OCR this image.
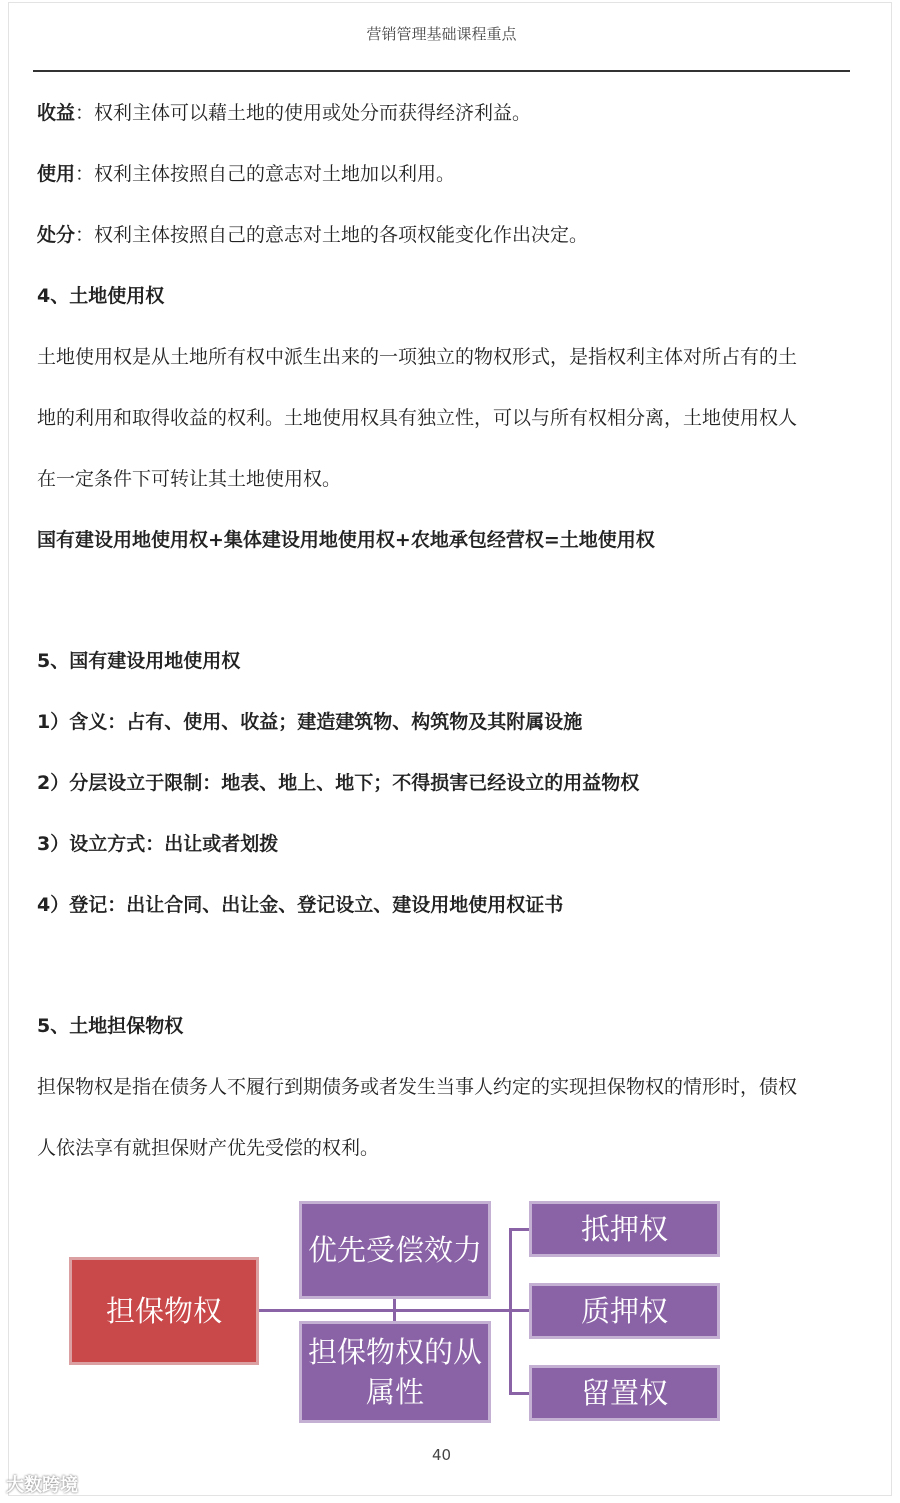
营销管理基础课程重点
收益：权利主体可以藉土地的使用或处分而获得经济利益。
使用：权利主体按照自己的意志对土地加以利用。
处分：权利主体按照自己的意志对土地的各项权能变化作出决定。
4、土地使用权
土地使用权是从土地所有权中派生出来的一项独立的物权形式，是指权利主体对所占有的土
地的利用和取得收益的权利。土地使用权具有独立性，可以与所有权相分离，土地使用权人
在一定条件下可转让其土地使用权。
国有建设用地使用权+集体建设用地使用权+农地承包经营权=土地使用权
5、国有建设用地使用权
1）含义：占有、使用、收益；建造建筑物、构筑物及其附属设施
2）分层设立于限制：地表、地上、地下；不得损害已经设立的用益物权
3）设立方式：出让或者划拨
4）登记：出让合同、出让金、登记设立、建设用地使用权证书
5、土地担保物权
担保物权是指在债务人不履行到期债务或者发生当事人约定的实现担保物权的情形时，债权
人依法享有就担保财产优先受偿的权利。
担保物权
优先受偿效力
担保物权的从属性
抵押权
质押权
留置权
40
大数跨境
